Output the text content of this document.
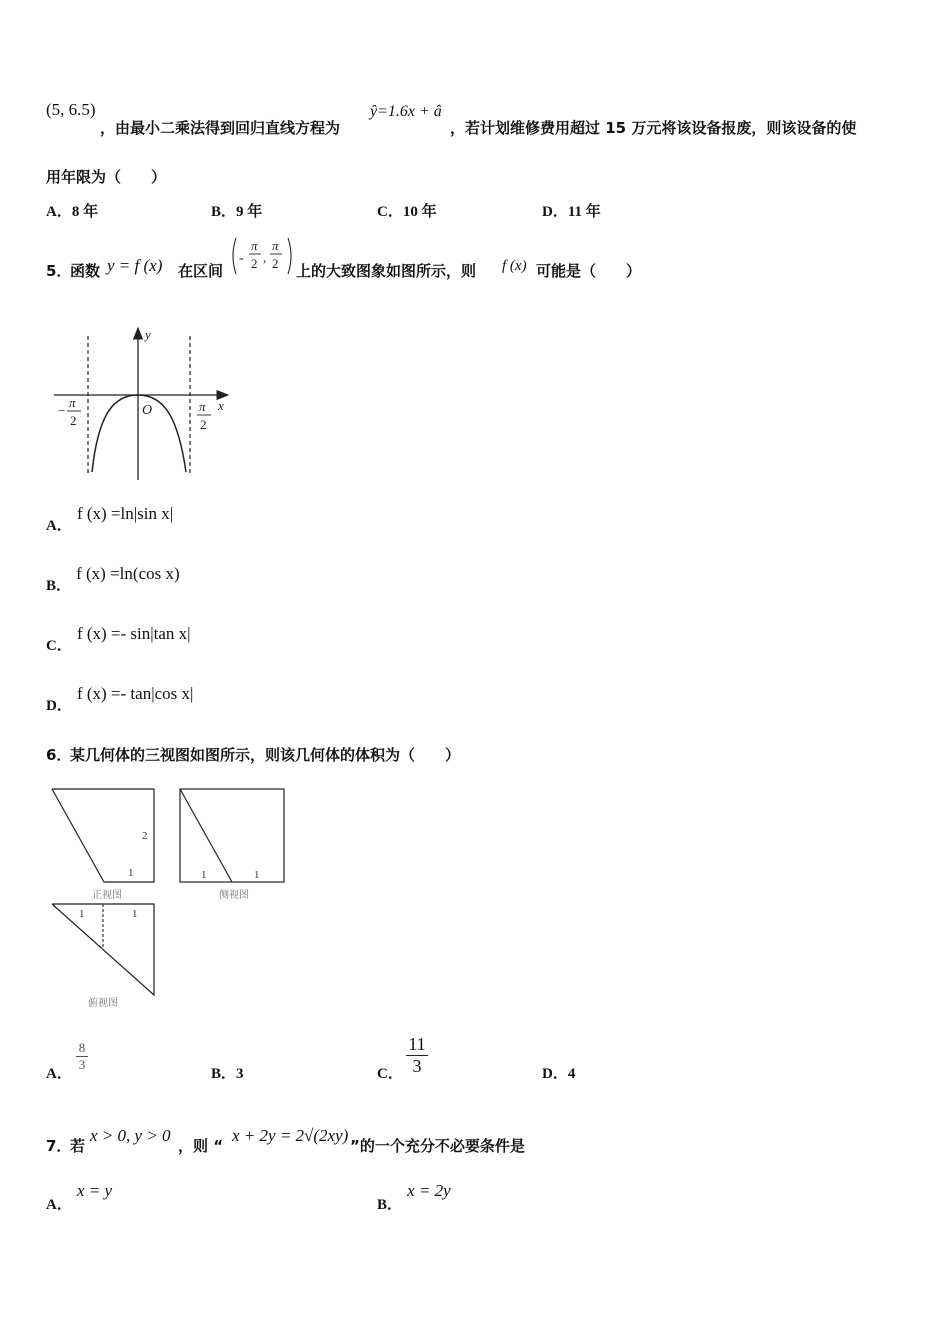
(5, 6.5)
，由最小二乘法得到回归直线方程为
ŷ=1.6x + â
，若计划维修费用超过 15 万元将该设备报废，则该设备的使
用年限为（　　）
A．8 年	B．9 年	C．10 年	D．11 年
5．
函数 y = f (x) 在区间
-
π
2 ,
π
2 上的大致图象如图所示，则 f (x) 可能是（　　）
y
x
O
−
π
2
π
2
A． f (x) =ln|sin x|
B． f (x) =ln(cos x)
C． f (x) =- sin|tan x|
D． f (x) =- tan|cos x|
6．
某几何体的三视图如图所示，则该几何体的体积为（　　）
2
1
正视图
1	1
侧视图
1	1
俯视图
A．
$\frac{8}{3}$
B．3	C． $\frac{11}{3}$	D．4
7．
若
x > 0, y > 0
，则 “
x + 2y = 2√(2xy)
”的一个充分不必要条件是
A． x = y
B． x = 2y
